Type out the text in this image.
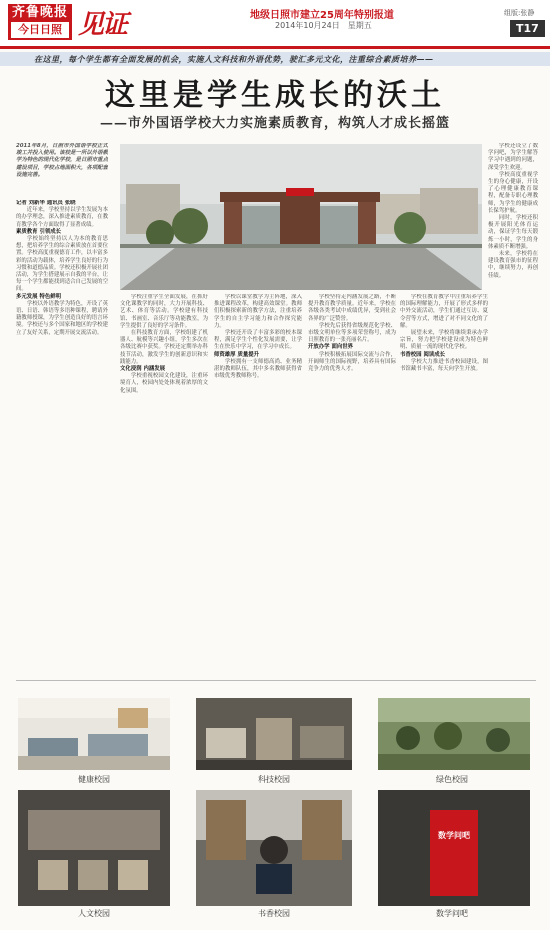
齐鲁晚报
今日日照 见证	地级日照市建立25周年特别报道
2014年10月24日　星期五
组版:张静
T17
在这里，每个学生都有全面发展的机会，实施人文科技和外语优势，驶汇多元文化，注重综合素质培养——
这里是学生成长的沃土
——市外国语学校大力实施素质教育，构筑人才成长摇篮
2011年8月，日照市外国语学校正式竣工并投入使用。该校是一所以外语教学为特色的现代化学校，是日照市重点建设项目，学校占地面积大，各项配套设施完善。

记者 刘新华 通讯员 张晓

近年来，学校坚持以学生发展为本的办学理念，深入推进素质教育，在教育教学各个方面取得了显著成绩。

素质教育 引领成长

学校始终坚持以人为本的教育思想，把培养学生的综合素质放在首要位置。学校高度重视德育工作，以丰富多彩的活动为载体，培养学生良好的行为习惯和道德品质。学校还积极开展社团活动，为学生搭建展示自我的平台，让每一个学生都能找到适合自己发展的空间。

多元发展 特色鲜明

学校以外语教学为特色，开设了英语、日语、韩语等多语种课程，聘请外籍教师授课，为学生创造良好的语言环境。学校还与多个国家和地区的学校建立了友好关系，定期开展交流活动。

学校注重学生全面发展，在抓好文化课教学的同时，大力开展科技、艺术、体育等活动。学校建有科技馆、书画室、音乐厅等功能教室，为学生提供了良好的学习条件。

在科技教育方面，学校组建了机器人、航模等兴趣小组，学生多次在各级比赛中获奖。学校还定期举办科技节活动，激发学生的创新意识和实践能力。

文化浸润 内涵发展

学校重视校园文化建设，注重环境育人，校园内处处体现着浓厚的文化氛围。

学校以课堂教学为主阵地，深入推进课程改革，构建高效课堂。教师们积极探索新的教学方法，注重培养学生的自主学习能力和合作探究能力。

学校还开设了丰富多彩的校本课程，满足学生个性化发展需要，让学生在快乐中学习，在学习中成长。

师资雄厚 质量提升

学校拥有一支师德高尚、业务精湛的教师队伍，其中多名教师获得省市级优秀教师称号。

学校坚持走内涵发展之路，不断提升教育教学质量。近年来，学校在各级各类考试中成绩优异，受到社会各界的广泛赞誉。

学校先后获得省级规范化学校、市级文明单位等多项荣誉称号，成为日照教育的一张亮丽名片。

开放办学 面向世界

学校积极拓展国际交流与合作，开阔师生的国际视野，培养具有国际竞争力的优秀人才。

学校在教育教学中注重培养学生的国际理解能力，开展了形式多样的中外交流活动，学生们通过互访、夏令营等方式，增进了对不同文化的了解。

展望未来，学校将继续秉承办学宗旨，努力把学校建设成为特色鲜明、质量一流的现代化学校。

书香校园 阅读成长

学校大力推进书香校园建设，图书馆藏书丰富，每天向学生开放。

学校还设立了数学问吧，为学生解答学习中遇到的问题，深受学生欢迎。

学校高度重视学生的身心健康，开设了心理健康教育课程，配备专职心理教师，为学生的健康成长保驾护航。

同时，学校还积极开展阳光体育运动，保证学生每天锻炼一小时，学生的身体素质不断增强。

未来，学校将在建设教育强市的征程中，继续努力，再创佳绩。

健康校园	科技校园	绿色校园
人文校园	书香校园
数学问吧
数学问吧
